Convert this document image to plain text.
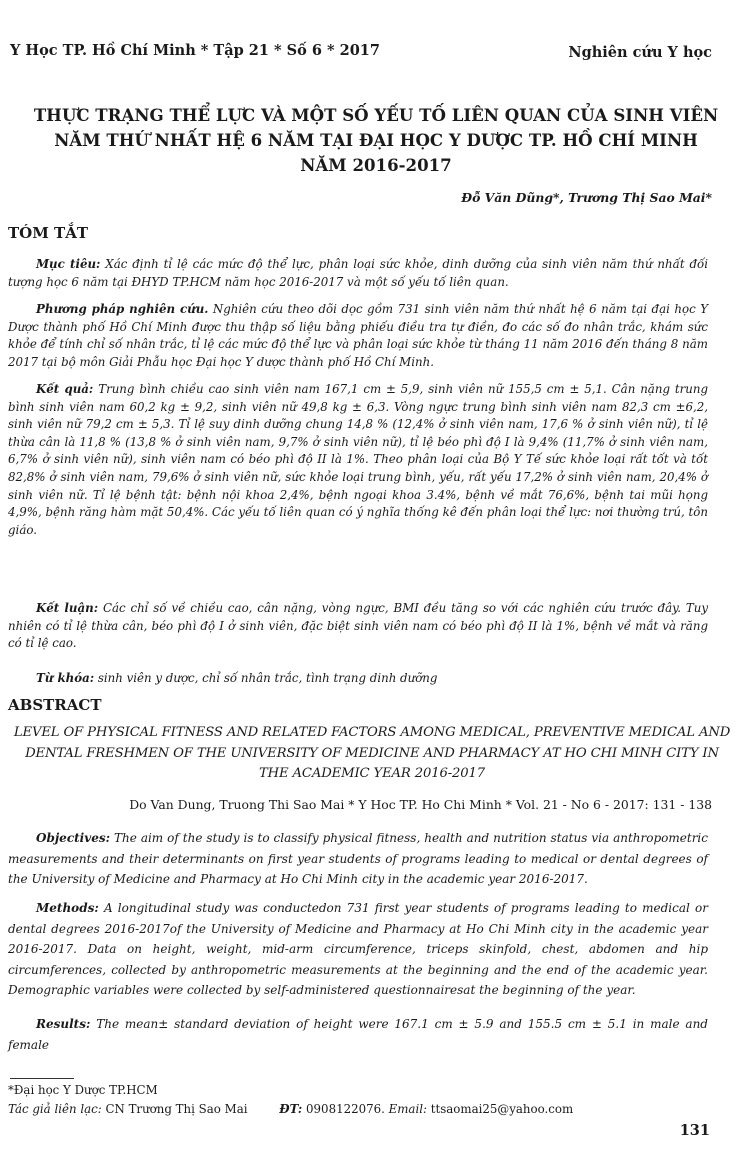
Y Học TP. Hồ Chí Minh * Tập 21 * Số 6 * 2017	Nghiên cứu Y học
THỰC TRẠNG THỂ LỰC VÀ MỘT SỐ YẾU TỐ LIÊN QUAN CỦA SINH VIÊN NĂM THỨ NHẤT HỆ 6 NĂM TẠI ĐẠI HỌC Y DƯỢC TP. HỒ CHÍ MINH NĂM 2016-2017
Đỗ Văn Dũng*, Trương Thị Sao Mai*
TÓM TẮT

Mục tiêu: Xác định tỉ lệ các mức độ thể lực, phân loại sức khỏe, dinh dưỡng của sinh viên năm thứ nhất đối tượng học 6 năm tại ĐHYD TP.HCM năm học 2016-2017 và một số yếu tố liên quan.

Phương pháp nghiên cứu. Nghiên cứu theo dõi dọc gồm 731 sinh viên năm thứ nhất hệ 6 năm tại đại học Y Dược thành phố Hồ Chí Minh được thu thập số liệu bằng phiếu điều tra tự điền, đo các số đo nhân trắc, khám sức khỏe để tính chỉ số nhân trắc, tỉ lệ các mức độ thể lực và phân loại sức khỏe từ tháng 11 năm 2016 đến tháng 8 năm 2017 tại bộ môn Giải Phẫu học Đại học Y dược thành phố Hồ Chí Minh.

Kết quả: Trung bình chiều cao sinh viên nam 167,1 cm ± 5,9, sinh viên nữ 155,5 cm ± 5,1. Cân nặng trung bình sinh viên nam 60,2 kg ± 9,2, sinh viên nữ 49,8 kg ± 6,3. Vòng ngực trung bình sinh viên nam 82,3 cm ±6,2, sinh viên nữ 79,2 cm ± 5,3. Tỉ lệ suy dinh dưỡng chung 14,8 % (12,4% ở sinh viên nam, 17,6 % ở sinh viên nữ), tỉ lệ thừa cân là 11,8 % (13,8 % ở sinh viên nam, 9,7% ở sinh viên nữ), tỉ lệ béo phì độ I là 9,4% (11,7% ở sinh viên nam, 6,7% ở sinh viên nữ), sinh viên nam có béo phì độ II là 1%. Theo phân loại của Bộ Y Tế sức khỏe loại rất tốt và tốt 82,8% ở sinh viên nam, 79,6% ở sinh viên nữ, sức khỏe loại trung bình, yếu, rất yếu 17,2% ở sinh viên nam, 20,4% ở sinh viên nữ. Tỉ lệ bệnh tật: bệnh nội khoa 2,4%, bệnh ngoại khoa 3.4%, bệnh về mắt 76,6%, bệnh tai mũi họng 4,9%, bệnh răng hàm mặt 50,4%. Các yếu tố liên quan có ý nghĩa thống kê đến phân loại thể lực: nơi thường trú, tôn giáo.

Kết luận: Các chỉ số về chiều cao, cân nặng, vòng ngực, BMI đều tăng so với các nghiên cứu trước đây. Tuy nhiên có tỉ lệ thừa cân, béo phì độ I ở sinh viên, đặc biệt sinh viên nam có béo phì độ II là 1%, bệnh về mắt và răng có tỉ lệ cao.

Từ khóa: sinh viên y dược, chỉ số nhân trắc, tình trạng dinh dưỡng

ABSTRACT
LEVEL OF PHYSICAL FITNESS AND RELATED FACTORS AMONG MEDICAL, PREVENTIVE MEDICAL AND DENTAL FRESHMEN OF THE UNIVERSITY OF MEDICINE AND PHARMACY AT HO CHI MINH CITY IN THE ACADEMIC YEAR 2016-2017
Do Van Dung, Truong Thi Sao Mai * Y Hoc TP. Ho Chi Minh * Vol. 21 - No 6 - 2017: 131 - 138

Objectives: The aim of the study is to classify physical fitness, health and nutrition status via anthropometric measurements and their determinants on first year students of programs leading to medical or dental degrees of the University of Medicine and Pharmacy at Ho Chi Minh city in the academic year 2016-2017.

Methods: A longitudinal study was conductedon 731 first year students of programs leading to medical or dental degrees 2016-2017of the University of Medicine and Pharmacy at Ho Chi Minh city in the academic year 2016-2017. Data on height, weight, mid-arm circumference, triceps skinfold, chest, abdomen and hip circumferences, collected by anthropometric measurements at the beginning and the end of the academic year. Demographic variables were collected by self-administered questionnairesat the beginning of the year.

Results: The mean± standard deviation of height were 167.1 cm ± 5.9 and 155.5 cm ± 5.1 in male and female

*Đại học Y Dược TP.HCM
Tác giả liên lạc: CN Trương Thị Sao Mai	ĐT: 0908122076. Email: ttsaomai25@yahoo.com
131
